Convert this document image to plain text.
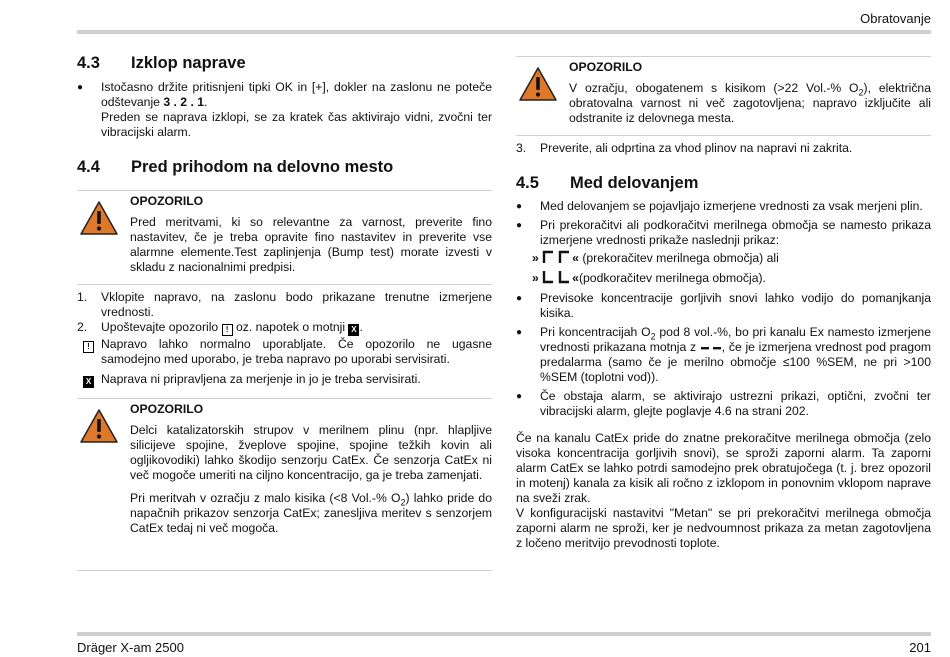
Obratovanje
4.3 Izklop naprave
● Istočasno držite pritisnjeni tipki OK in [+], dokler na zaslonu ne poteče odštevanje 3 . 2 . 1.
Preden se naprava izklopi, se za kratek čas aktivirajo vidni, zvočni ter vibracijski alarm.
4.4 Pred prihodom na delovno mesto
OPOZORILO
Pred meritvami, ki so relevantne za varnost, preverite fino nastavitev, če je treba opravite fino nastavitev in preverite vse alarmne elemente.Test zaplinjenja (Bump test) morate izvesti v skladu z nacionalnimi predpisi.
1. Vklopite napravo, na zaslonu bodo prikazane trenutne izmerjene vrednosti.
2. Upoštevajte opozorilo ! oz. napotek o motnji X .
! Napravo lahko normalno uporabljate. Če opozorilo ne ugasne samodejno med uporabo, je treba napravo po uporabi servisirati.
X Naprava ni pripravljena za merjenje in jo je treba servisirati.
OPOZORILO
Delci katalizatorskih strupov v merilnem plinu (npr. hlapljive silicijeve spojine, žveplove spojine, spojine težkih kovin ali ogljikovodiki) lahko škodijo senzorju CatEx. Če senzorja CatEx ni več mogoče umeriti na ciljno koncentracijo, ga je treba zamenjati.
Pri meritvah v ozračju z malo kisika (<8 Vol.-% $O_2$) lahko pride do napačnih prikazov senzorja CatEx; zanesljiva meritev s senzorjem CatEx tedaj ni več mogoča.
OPOZORILO
V ozračju, obogatenem s kisikom (>22 Vol.-% $O_2$), električna obratovalna varnost ni več zagotovljena; napravo izključite ali odstranite iz delovnega mesta.
3. Preverite, ali odprtina za vhod plinov na napravi ni zakrita.
4.5 Med delovanjem
● Med delovanjem se pojavljajo izmerjene vrednosti za vsak merjeni plin.
● Pri prekoračitvi ali podkoračitvi merilnega območja se namesto prikaza izmerjene vrednosti prikaže naslednji prikaz:
»	« (prekoračitev merilnega območja) ali
»	«(podkoračitev merilnega območja).
● Previsoke koncentracije gorljivih snovi lahko vodijo do pomanjkanja kisika.
● Pri koncentracijah $O_2$ pod 8 vol.-%, bo pri kanalu Ex namesto izmerjene vrednosti prikazana motnja z , če je izmerjena vrednost pod pragom predalarma (samo če je merilno območje ≤100 %SEM, ne pri >100 %SEM (toplotni vod)).
● Če obstaja alarm, se aktivirajo ustrezni prikazi, optični, zvočni ter vibracijski alarm, glejte poglavje 4.6 na strani 202.
Če na kanalu CatEx pride do znatne prekoračitve merilnega območja (zelo visoka koncentracija gorljivih snovi), se sproži zaporni alarm. Ta zaporni alarm CatEx se lahko potrdi samodejno prek obratujočega (t. j. brez opozoril in motenj) kanala za kisik ali ročno z izklopom in ponovnim vklopom naprave na sveži zrak.
V konfiguracijski nastavitvi "Metan" se pri prekoračitvi merilnega območja zaporni alarm ne sproži, ker je nedvoumnost prikaza za metan zagotovljena z ločeno meritvijo prevodnosti toplote.
Dräger X-am 2500	201
